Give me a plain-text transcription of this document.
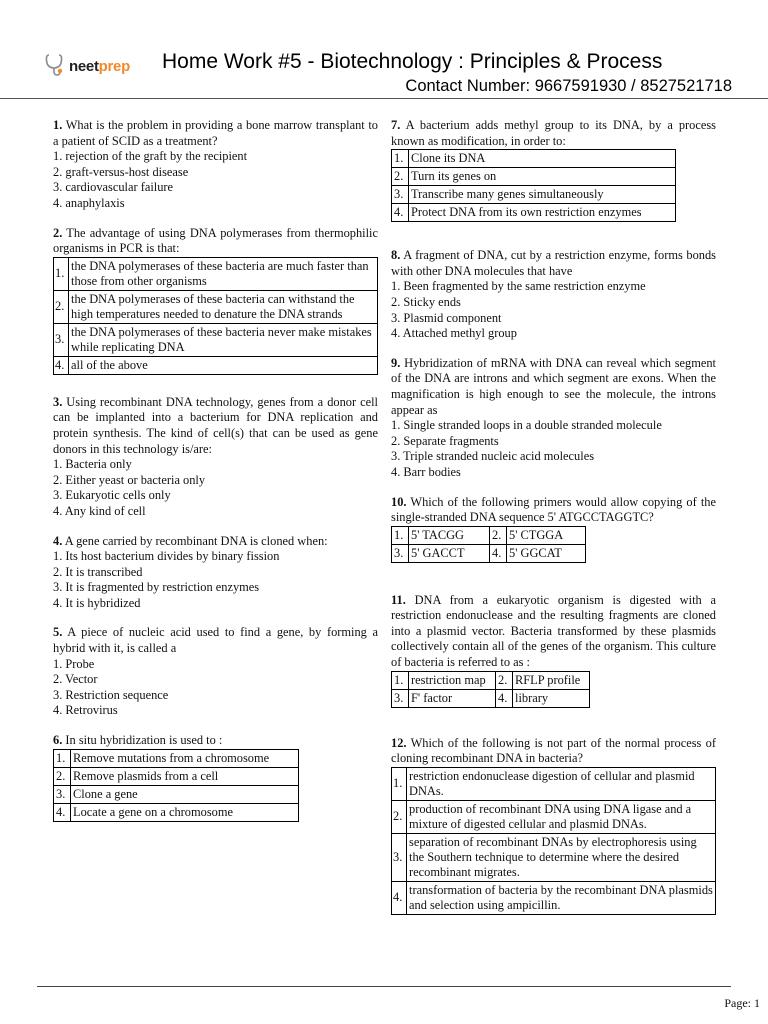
neetprep Home Work #5 - Biotechnology : Principles & Process
Contact Number: 9667591930 / 8527521718
1. What is the problem in providing a bone marrow transplant to a patient of SCID as a treatment?
1. rejection of the graft by the recipient
2. graft-versus-host disease
3. cardiovascular failure
4. anaphylaxis
2. The advantage of using DNA polymerases from thermophilic organisms in PCR is that:
1.	the DNA polymerases of these bacteria are much faster than those from other organisms
2.	the DNA polymerases of these bacteria can withstand the high temperatures needed to denature the DNA strands
3.	the DNA polymerases of these bacteria never make mistakes while replicating DNA
4.	all of the above
3. Using recombinant DNA technology, genes from a donor cell can be implanted into a bacterium for DNA replication and protein synthesis. The kind of cell(s) that can be used as gene donors in this technology is/are:
1. Bacteria only
2. Either yeast or bacteria only
3. Eukaryotic cells only
4. Any kind of cell
4. A gene carried by recombinant DNA is cloned when:
1. Its host bacterium divides by binary fission
2. It is transcribed
3. It is fragmented by restriction enzymes
4. It is hybridized
5. A piece of nucleic acid used to find a gene, by forming a hybrid with it, is called a
1. Probe
2. Vector
3. Restriction sequence
4. Retrovirus
6. In situ hybridization is used to :
1.	Remove mutations from a chromosome
2.	Remove plasmids from a cell
3.	Clone a gene
4.	Locate a gene on a chromosome
7. A bacterium adds methyl group to its DNA, by a process known as modification, in order to:
1.	Clone its DNA
2.	Turn its genes on
3.	Transcribe many genes simultaneously
4.	Protect DNA from its own restriction enzymes
8. A fragment of DNA, cut by a restriction enzyme, forms bonds with other DNA molecules that have
1. Been fragmented by the same restriction enzyme
2. Sticky ends
3. Plasmid component
4. Attached methyl group
9. Hybridization of mRNA with DNA can reveal which segment of the DNA are introns and which segment are exons. When the magnification is high enough to see the molecule, the introns appear as
1. Single stranded loops in a double stranded molecule
2. Separate fragments
3. Triple stranded nucleic acid molecules
4. Barr bodies
10. Which of the following primers would allow copying of the single-stranded DNA sequence 5' ATGCCTAGGTC?
1.	5' TACGG	2.	5' CTGGA
3.	5' GACCT	4.	5' GGCAT
11. DNA from a eukaryotic organism is digested with a restriction endonuclease and the resulting fragments are cloned into a plasmid vector. Bacteria transformed by these plasmids collectively contain all of the genes of the organism. This culture of bacteria is referred to as :
1.	restriction map	2.	RFLP profile
3.	F' factor	4.	library
12. Which of the following is not part of the normal process of cloning recombinant DNA in bacteria?
1.	restriction endonuclease digestion of cellular and plasmid DNAs.
2.	production of recombinant DNA using DNA ligase and a mixture of digested cellular and plasmid DNAs.
3.	separation of recombinant DNAs by electrophoresis using the Southern technique to determine where the desired recombinant migrates.
4.	transformation of bacteria by the recombinant DNA plasmids and selection using ampicillin.
Page: 1
